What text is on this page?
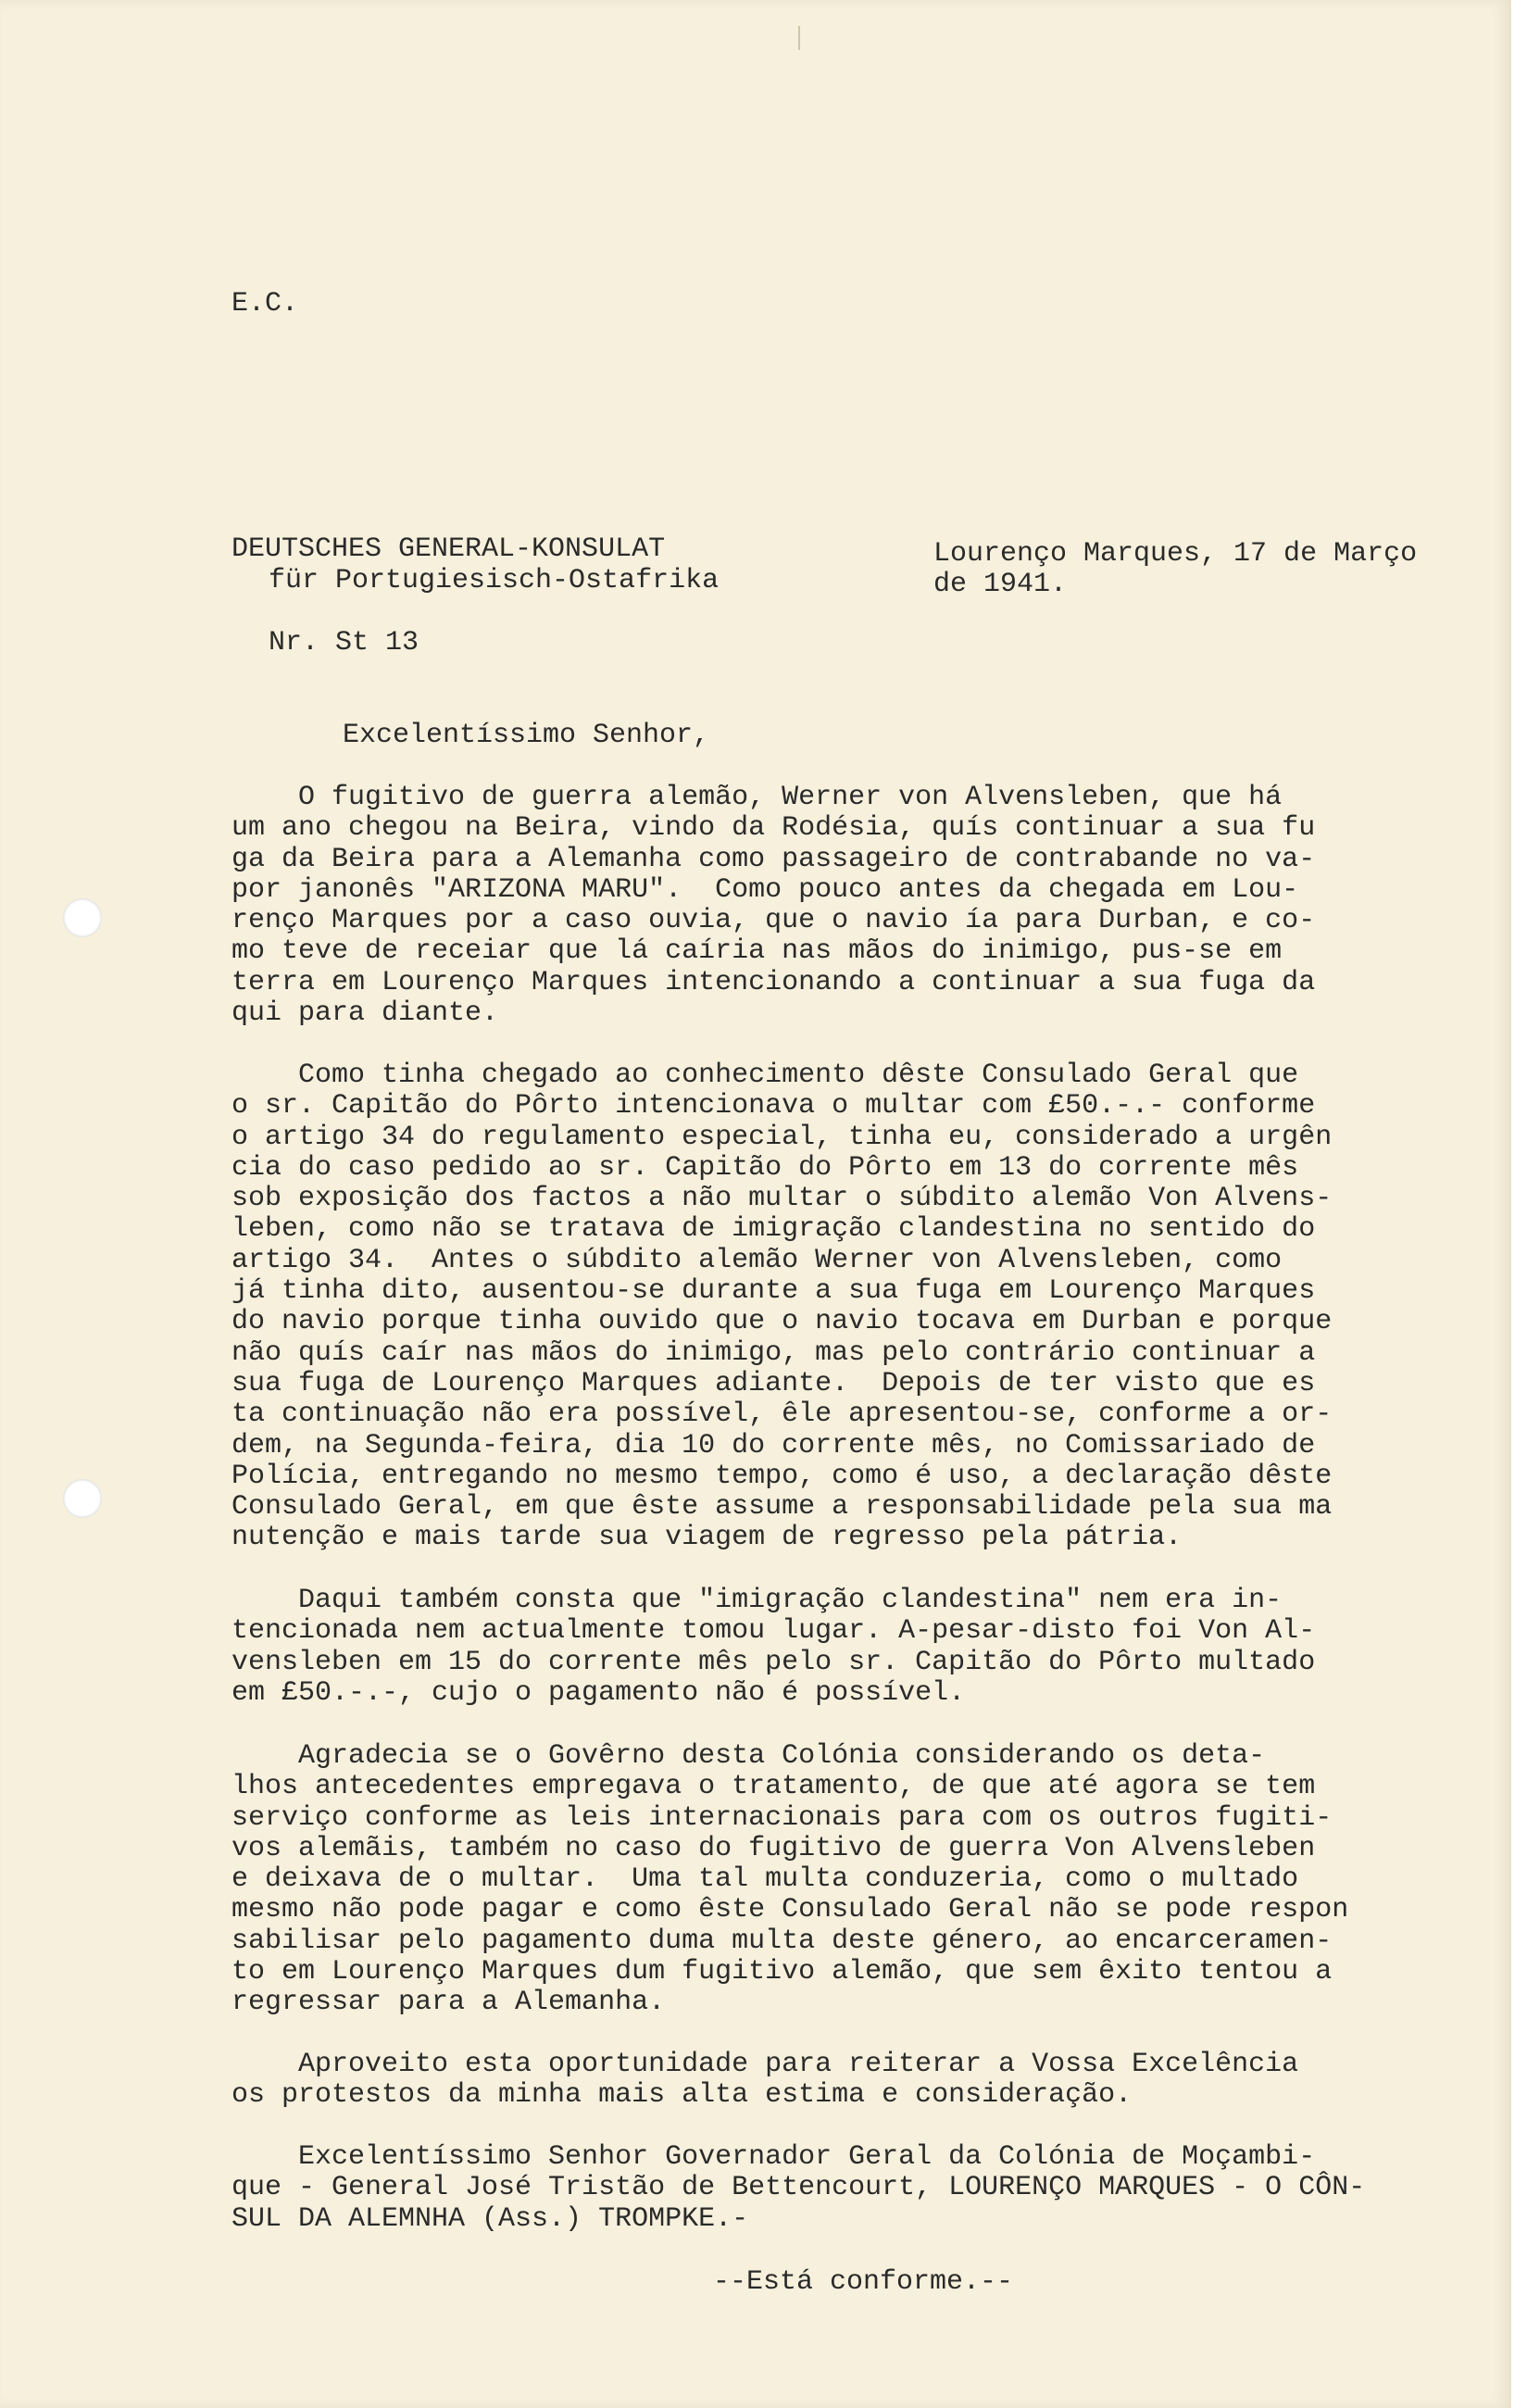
E.C.
DEUTSCHES GENERAL-KONSULAT
für Portugiesisch-Ostafrika
Lourenço Marques, 17 de Março
de 1941.
Nr. St 13
Excelentíssimo Senhor,
O fugitivo de guerra alemão, Werner von Alvensleben, que há
um ano chegou na Beira, vindo da Rodésia, quís continuar a sua fu
ga da Beira para a Alemanha como passageiro de contrabande no va-
por janonês "ARIZONA MARU".  Como pouco antes da chegada em Lou-
renço Marques por a caso ouvia, que o navio ía para Durban, e co-
mo teve de receiar que lá caíria nas mãos do inimigo, pus-se em
terra em Lourenço Marques intencionando a continuar a sua fuga da
qui para diante.
Como tinha chegado ao conhecimento dêste Consulado Geral que
o sr. Capitão do Pôrto intencionava o multar com £50.-.- conforme
o artigo 34 do regulamento especial, tinha eu, considerado a urgên
cia do caso pedido ao sr. Capitão do Pôrto em 13 do corrente mês
sob exposição dos factos a não multar o súbdito alemão Von Alvens-
leben, como não se tratava de imigração clandestina no sentido do
artigo 34.  Antes o súbdito alemão Werner von Alvensleben, como
já tinha dito, ausentou-se durante a sua fuga em Lourenço Marques
do navio porque tinha ouvido que o navio tocava em Durban e porque
não quís caír nas mãos do inimigo, mas pelo contrário continuar a
sua fuga de Lourenço Marques adiante.  Depois de ter visto que es
ta continuação não era possível, êle apresentou-se, conforme a or-
dem, na Segunda-feira, dia 10 do corrente mês, no Comissariado de
Polícia, entregando no mesmo tempo, como é uso, a declaração dêste
Consulado Geral, em que êste assume a responsabilidade pela sua ma
nutenção e mais tarde sua viagem de regresso pela pátria.
Daqui também consta que "imigração clandestina" nem era in-
tencionada nem actualmente tomou lugar. A-pesar-disto foi Von Al-
vensleben em 15 do corrente mês pelo sr. Capitão do Pôrto multado
em £50.-.-, cujo o pagamento não é possível.
Agradecia se o Govêrno desta Colónia considerando os deta-
lhos antecedentes empregava o tratamento, de que até agora se tem
serviço conforme as leis internacionais para com os outros fugiti-
vos alemãis, também no caso do fugitivo de guerra Von Alvensleben
e deixava de o multar.  Uma tal multa conduzeria, como o multado
mesmo não pode pagar e como êste Consulado Geral não se pode respon
sabilisar pelo pagamento duma multa deste género, ao encarceramen-
to em Lourenço Marques dum fugitivo alemão, que sem êxito tentou a
regressar para a Alemanha.
Aproveito esta oportunidade para reiterar a Vossa Excelência
os protestos da minha mais alta estima e consideração.
Excelentíssimo Senhor Governador Geral da Colónia de Moçambi-
que - General José Tristão de Bettencourt, LOURENÇO MARQUES - O CÔN-
SUL DA ALEMNHA (Ass.) TROMPKE.-
--Está conforme.--
